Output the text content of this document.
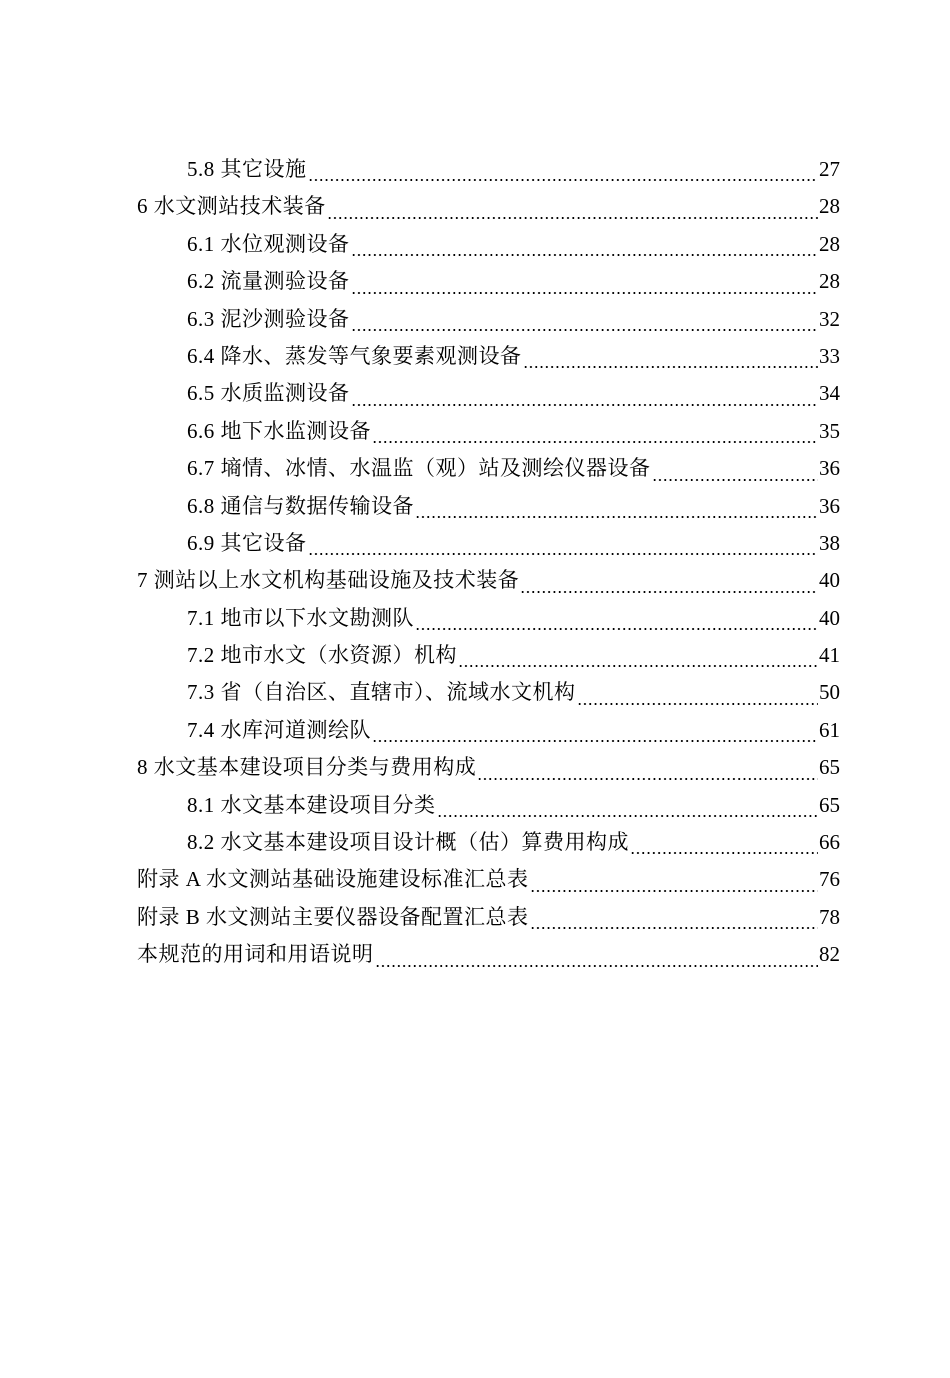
5.8 其它设施	27
6 水文测站技术装备	28
6.1 水位观测设备	28
6.2 流量测验设备	28
6.3 泥沙测验设备	32
6.4 降水、蒸发等气象要素观测设备	33
6.5 水质监测设备	34
6.6 地下水监测设备	35
6.7 墒情、冰情、水温监（观）站及测绘仪器设备	36
6.8 通信与数据传输设备	36
6.9 其它设备	38
7 测站以上水文机构基础设施及技术装备	40
7.1 地市以下水文勘测队	40
7.2 地市水文（水资源）机构	41
7.3 省（自治区、直辖市）、流域水文机构	50
7.4 水库河道测绘队	61
8 水文基本建设项目分类与费用构成	65
8.1 水文基本建设项目分类	65
8.2 水文基本建设项目设计概（估）算费用构成	66
附录 A 水文测站基础设施建设标准汇总表	76
附录 B 水文测站主要仪器设备配置汇总表	78
本规范的用词和用语说明	82
